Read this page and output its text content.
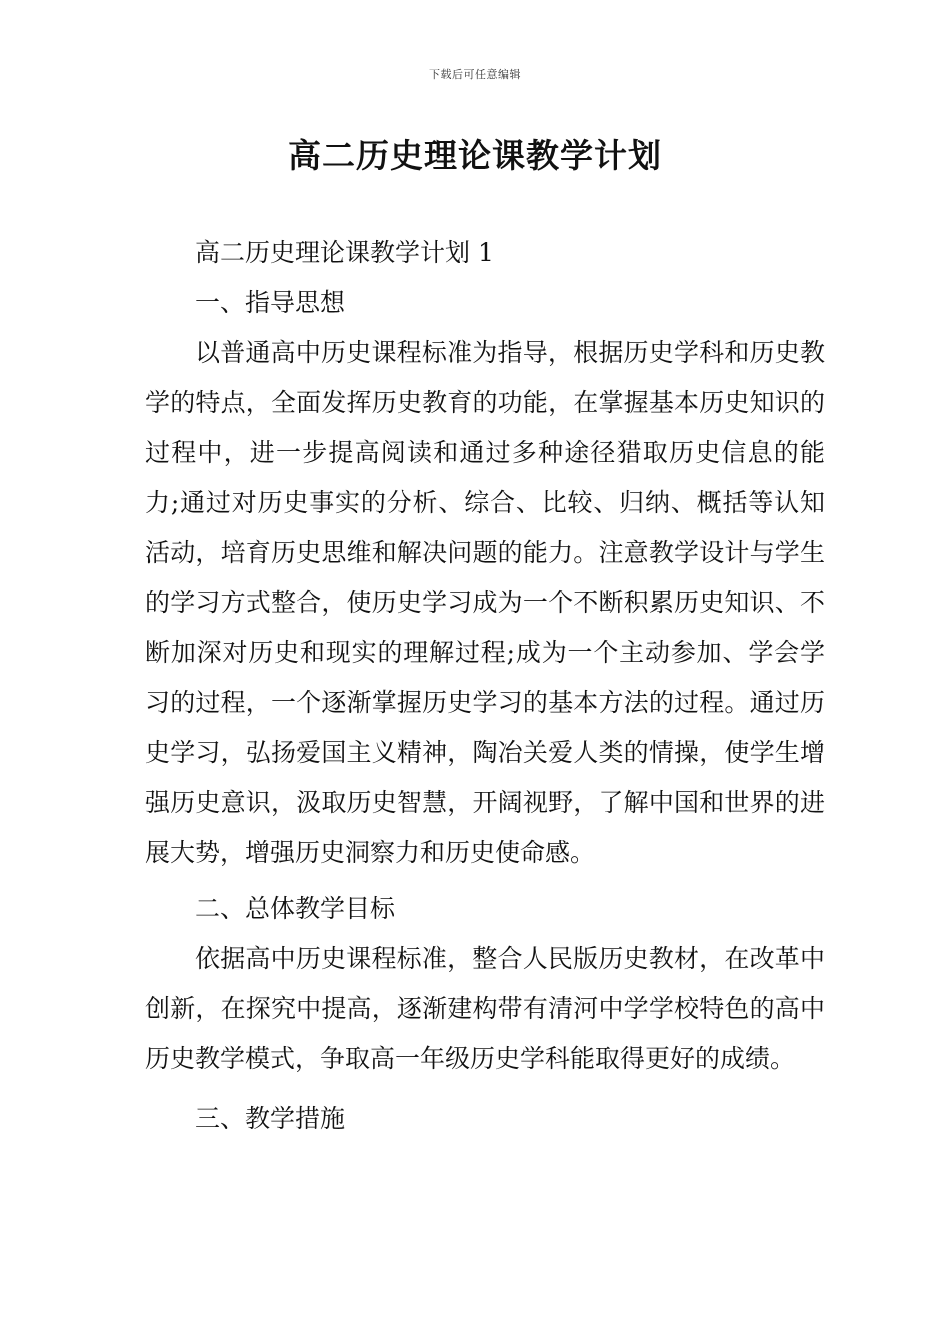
下载后可任意编辑
高二历史理论课教学计划

高二历史理论课教学计划 1

一、指导思想

以普通高中历史课程标准为指导，根据历史学科和历史教学的特点，全面发挥历史教育的功能，在掌握基本历史知识的过程中，进一步提高阅读和通过多种途径猎取历史信息的能力;通过对历史事实的分析、综合、比较、归纳、概括等认知活动，培育历史思维和解决问题的能力。注意教学设计与学生的学习方式整合，使历史学习成为一个不断积累历史知识、不断加深对历史和现实的理解过程;成为一个主动参加、学会学习的过程，一个逐渐掌握历史学习的基本方法的过程。通过历史学习，弘扬爱国主义精神，陶冶关爱人类的情操，使学生增强历史意识，汲取历史智慧，开阔视野，了解中国和世界的进展大势，增强历史洞察力和历史使命感。

二、总体教学目标

依据高中历史课程标准，整合人民版历史教材，在改革中创新，在探究中提高，逐渐建构带有清河中学学校特色的高中历史教学模式，争取高一年级历史学科能取得更好的成绩。

三、教学措施
